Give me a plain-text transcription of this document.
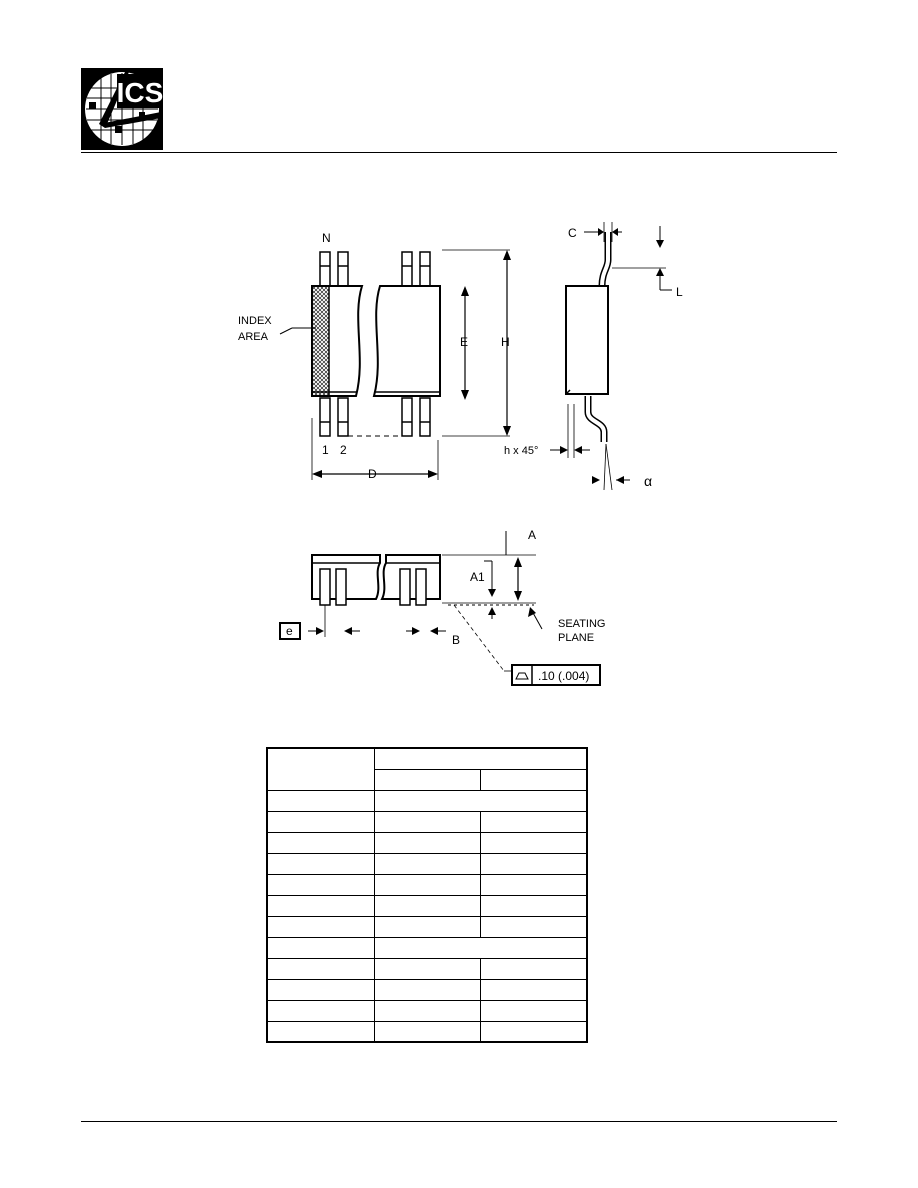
ICS
N
INDEX
AREA
1 2
D
E	H
C
L
h x 45°
α
A
A1
SEATING
PLANE
.10 (.004)
e
B
